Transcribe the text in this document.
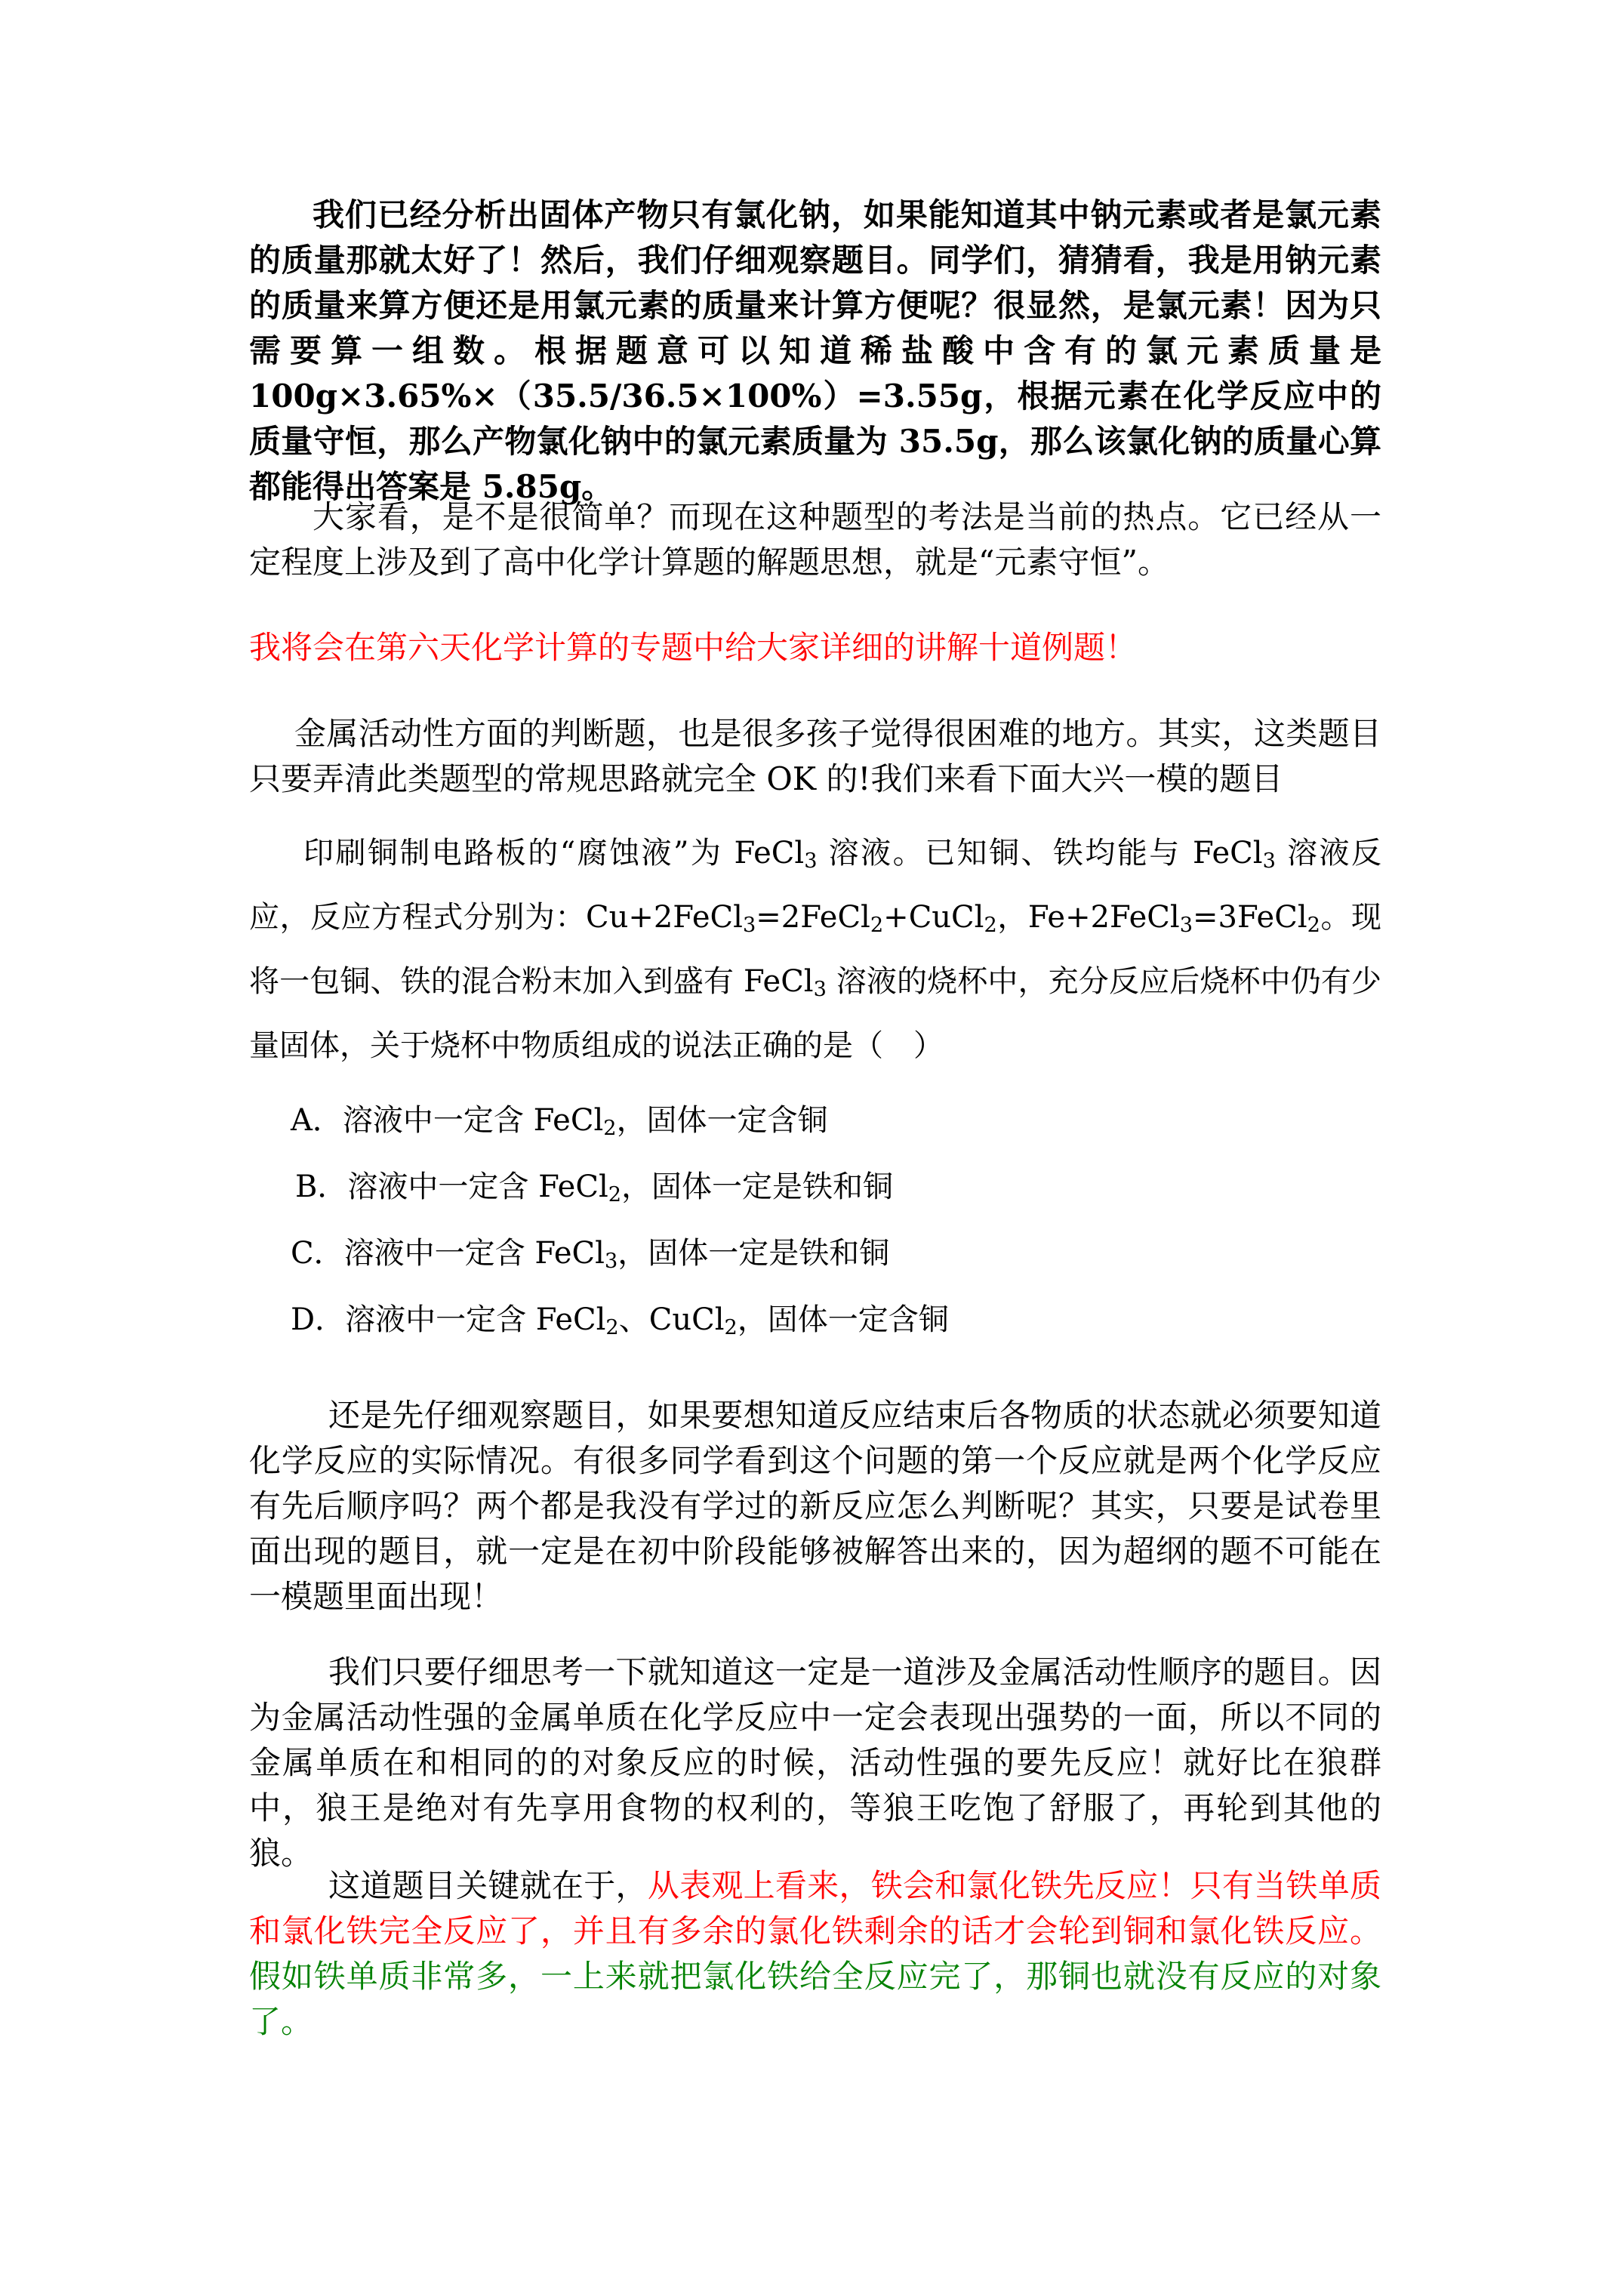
我们已经分析出固体产物只有氯化钠，如果能知道其中钠元素或者是氯元素的质量那就太好了！然后，我们仔细观察题目。同学们，猜猜看，我是用钠元素的质量来算方便还是用氯元素的质量来计算方便呢？很显然，是氯元素！因为只需要算一组数。根据题意可以知道稀盐酸中含有的氯元素质量是 100g×3.65%×（35.5/36.5×100%）=3.55g，根据元素在化学反应中的质量守恒，那么产物氯化钠中的氯元素质量为 35.5g，那么该氯化钠的质量心算都能得出答案是 5.85g。

大家看，是不是很简单？而现在这种题型的考法是当前的热点。它已经从一定程度上涉及到了高中化学计算题的解题思想，就是“元素守恒”。

我将会在第六天化学计算的专题中给大家详细的讲解十道例题！

金属活动性方面的判断题，也是很多孩子觉得很困难的地方。其实，这类题目只要弄清此类题型的常规思路就完全 OK 的!我们来看下面大兴一模的题目

印刷铜制电路板的“腐蚀液”为 FeCl$_3$ 溶液。已知铜、铁均能与 FeCl$_3$ 溶液反应，反应方程式分别为：Cu+2FeCl$_3$=2FeCl$_2$+CuCl$_2$，Fe+2FeCl$_3$=3FeCl$_2$。现将一包铜、铁的混合粉末加入到盛有 FeCl$_3$ 溶液的烧杯中，充分反应后烧杯中仍有少量固体，关于烧杯中物质组成的说法正确的是（　）

A．溶液中一定含 FeCl$_2$，固体一定含铜

B．溶液中一定含 FeCl$_2$，固体一定是铁和铜

C．溶液中一定含 FeCl$_3$，固体一定是铁和铜

D．溶液中一定含 FeCl$_2$、CuCl$_2$，固体一定含铜

还是先仔细观察题目，如果要想知道反应结束后各物质的状态就必须要知道化学反应的实际情况。有很多同学看到这个问题的第一个反应就是两个化学反应有先后顺序吗？两个都是我没有学过的新反应怎么判断呢？其实，只要是试卷里面出现的题目，就一定是在初中阶段能够被解答出来的，因为超纲的题不可能在一模题里面出现！

我们只要仔细思考一下就知道这一定是一道涉及金属活动性顺序的题目。因为金属活动性强的金属单质在化学反应中一定会表现出强势的一面，所以不同的金属单质在和相同的的对象反应的时候，活动性强的要先反应！就好比在狼群中，狼王是绝对有先享用食物的权利的，等狼王吃饱了舒服了，再轮到其他的狼。

这道题目关键就在于，从表观上看来，铁会和氯化铁先反应！只有当铁单质和氯化铁完全反应了，并且有多余的氯化铁剩余的话才会轮到铜和氯化铁反应。假如铁单质非常多，一上来就把氯化铁给全反应完了，那铜也就没有反应的对象了。
